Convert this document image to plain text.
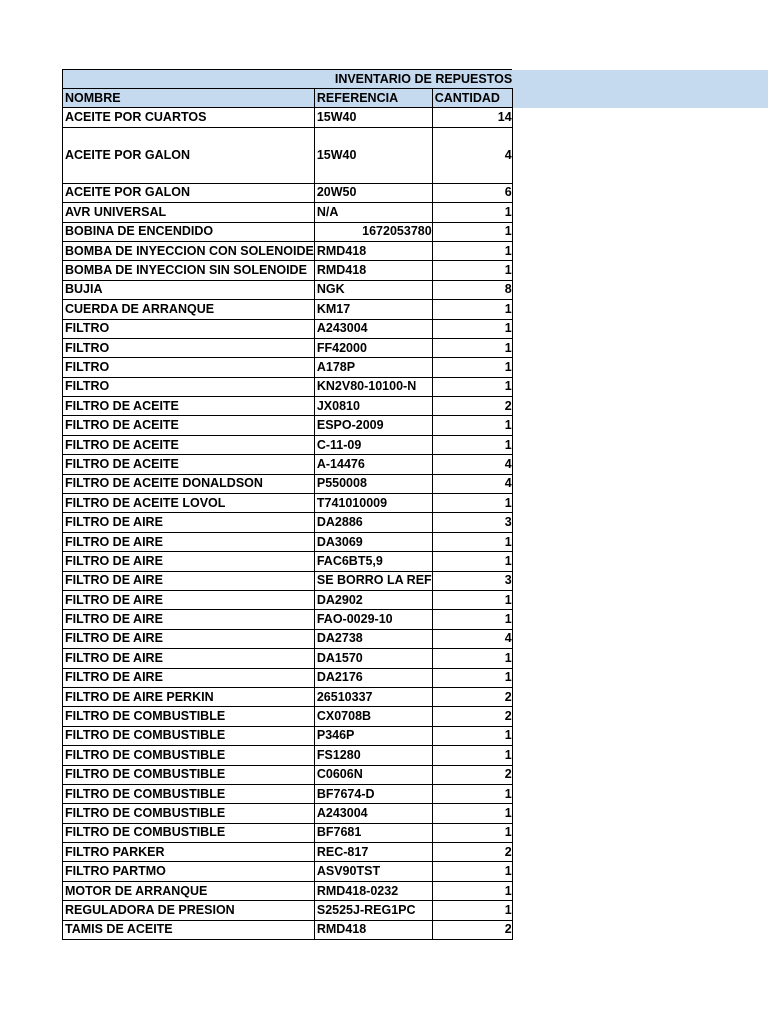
INVENTARIO DE REPUESTOS		
NOMBRE	REFERENCIA	CANTIDAD
ACEITE POR CUARTOS	15W40	14
ACEITE POR GALON	15W40	4
ACEITE POR GALON	20W50	6
AVR UNIVERSAL	N/A	1
BOBINA DE ENCENDIDO	1672053780	1
BOMBA DE INYECCION CON SOLENOIDE	RMD418	1
BOMBA DE INYECCION SIN SOLENOIDE	RMD418	1
BUJIA	NGK	8
CUERDA DE ARRANQUE	KM17	1
FILTRO	A243004	1
FILTRO	FF42000	1
FILTRO	A178P	1
FILTRO	KN2V80-10100-N	1
FILTRO DE ACEITE	JX0810	2
FILTRO DE ACEITE	ESPO-2009	1
FILTRO DE ACEITE	C-11-09	1
FILTRO DE ACEITE	A-14476	4
FILTRO DE ACEITE DONALDSON	P550008	4
FILTRO DE ACEITE LOVOL	T741010009	1
FILTRO DE AIRE	DA2886	3
FILTRO DE AIRE	DA3069	1
FILTRO DE AIRE	FAC6BT5,9	1
FILTRO DE AIRE	SE BORRO LA REF	3
FILTRO DE AIRE	DA2902	1
FILTRO DE AIRE	FAO-0029-10	1
FILTRO DE AIRE	DA2738	4
FILTRO DE AIRE	DA1570	1
FILTRO DE AIRE	DA2176	1
FILTRO DE AIRE PERKIN	26510337	2
FILTRO DE COMBUSTIBLE	CX0708B	2
FILTRO DE COMBUSTIBLE	P346P	1
FILTRO DE COMBUSTIBLE	FS1280	1
FILTRO DE COMBUSTIBLE	C0606N	2
FILTRO DE COMBUSTIBLE	BF7674-D	1
FILTRO DE COMBUSTIBLE	A243004	1
FILTRO DE COMBUSTIBLE	BF7681	1
FILTRO PARKER	REC-817	2
FILTRO PARTMO	ASV90TST	1
MOTOR DE ARRANQUE	RMD418-0232	1
REGULADORA DE PRESION	S2525J-REG1PC	1
TAMIS DE ACEITE	RMD418	2
